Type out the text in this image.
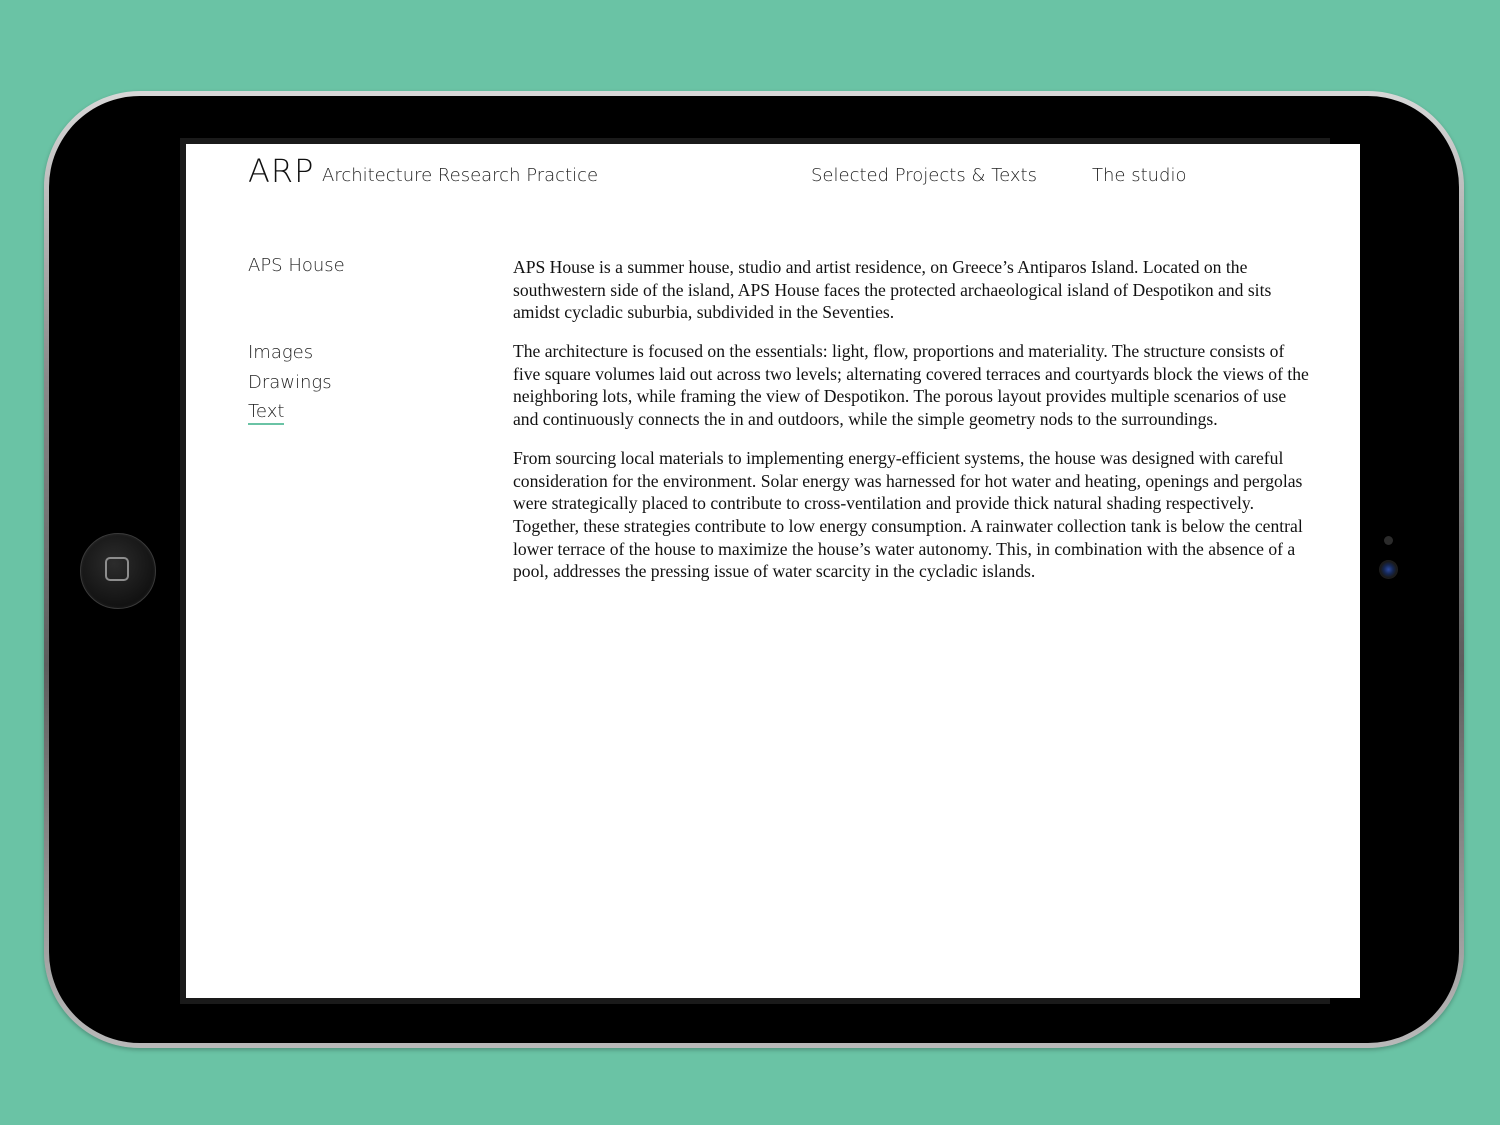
ARP Architecture Research Practice	Selected Projects & Texts	The studio
APS House
Images
Drawings
Text

APS House is a summer house, studio and artist residence, on Greece’s Antiparos Island. Located on the southwestern side of the island, APS House faces the protected archaeological island of Despotikon and sits amidst cycladic suburbia, subdivided in the Seventies.

The architecture is focused on the essentials: light, flow, proportions and materiality. The structure consists of five square volumes laid out across two levels; alternating covered terraces and courtyards block the views of the neighboring lots, while framing the view of Despotikon. The porous layout provides multiple scenarios of use and continuously connects the in and outdoors, while the simple geometry nods to the surroundings.

From sourcing local materials to implementing energy-efficient systems, the house was designed with careful consideration for the environment. Solar energy was harnessed for hot water and heating, openings and pergolas were strategically placed to contribute to cross-ventilation and provide thick natural shading respectively. Together, these strategies contribute to low energy consumption. A rainwater collection tank is below the central lower terrace of the house to maximize the house’s water autonomy. This, in combination with the absence of a pool, addresses the pressing issue of water scarcity in the cycladic islands.
